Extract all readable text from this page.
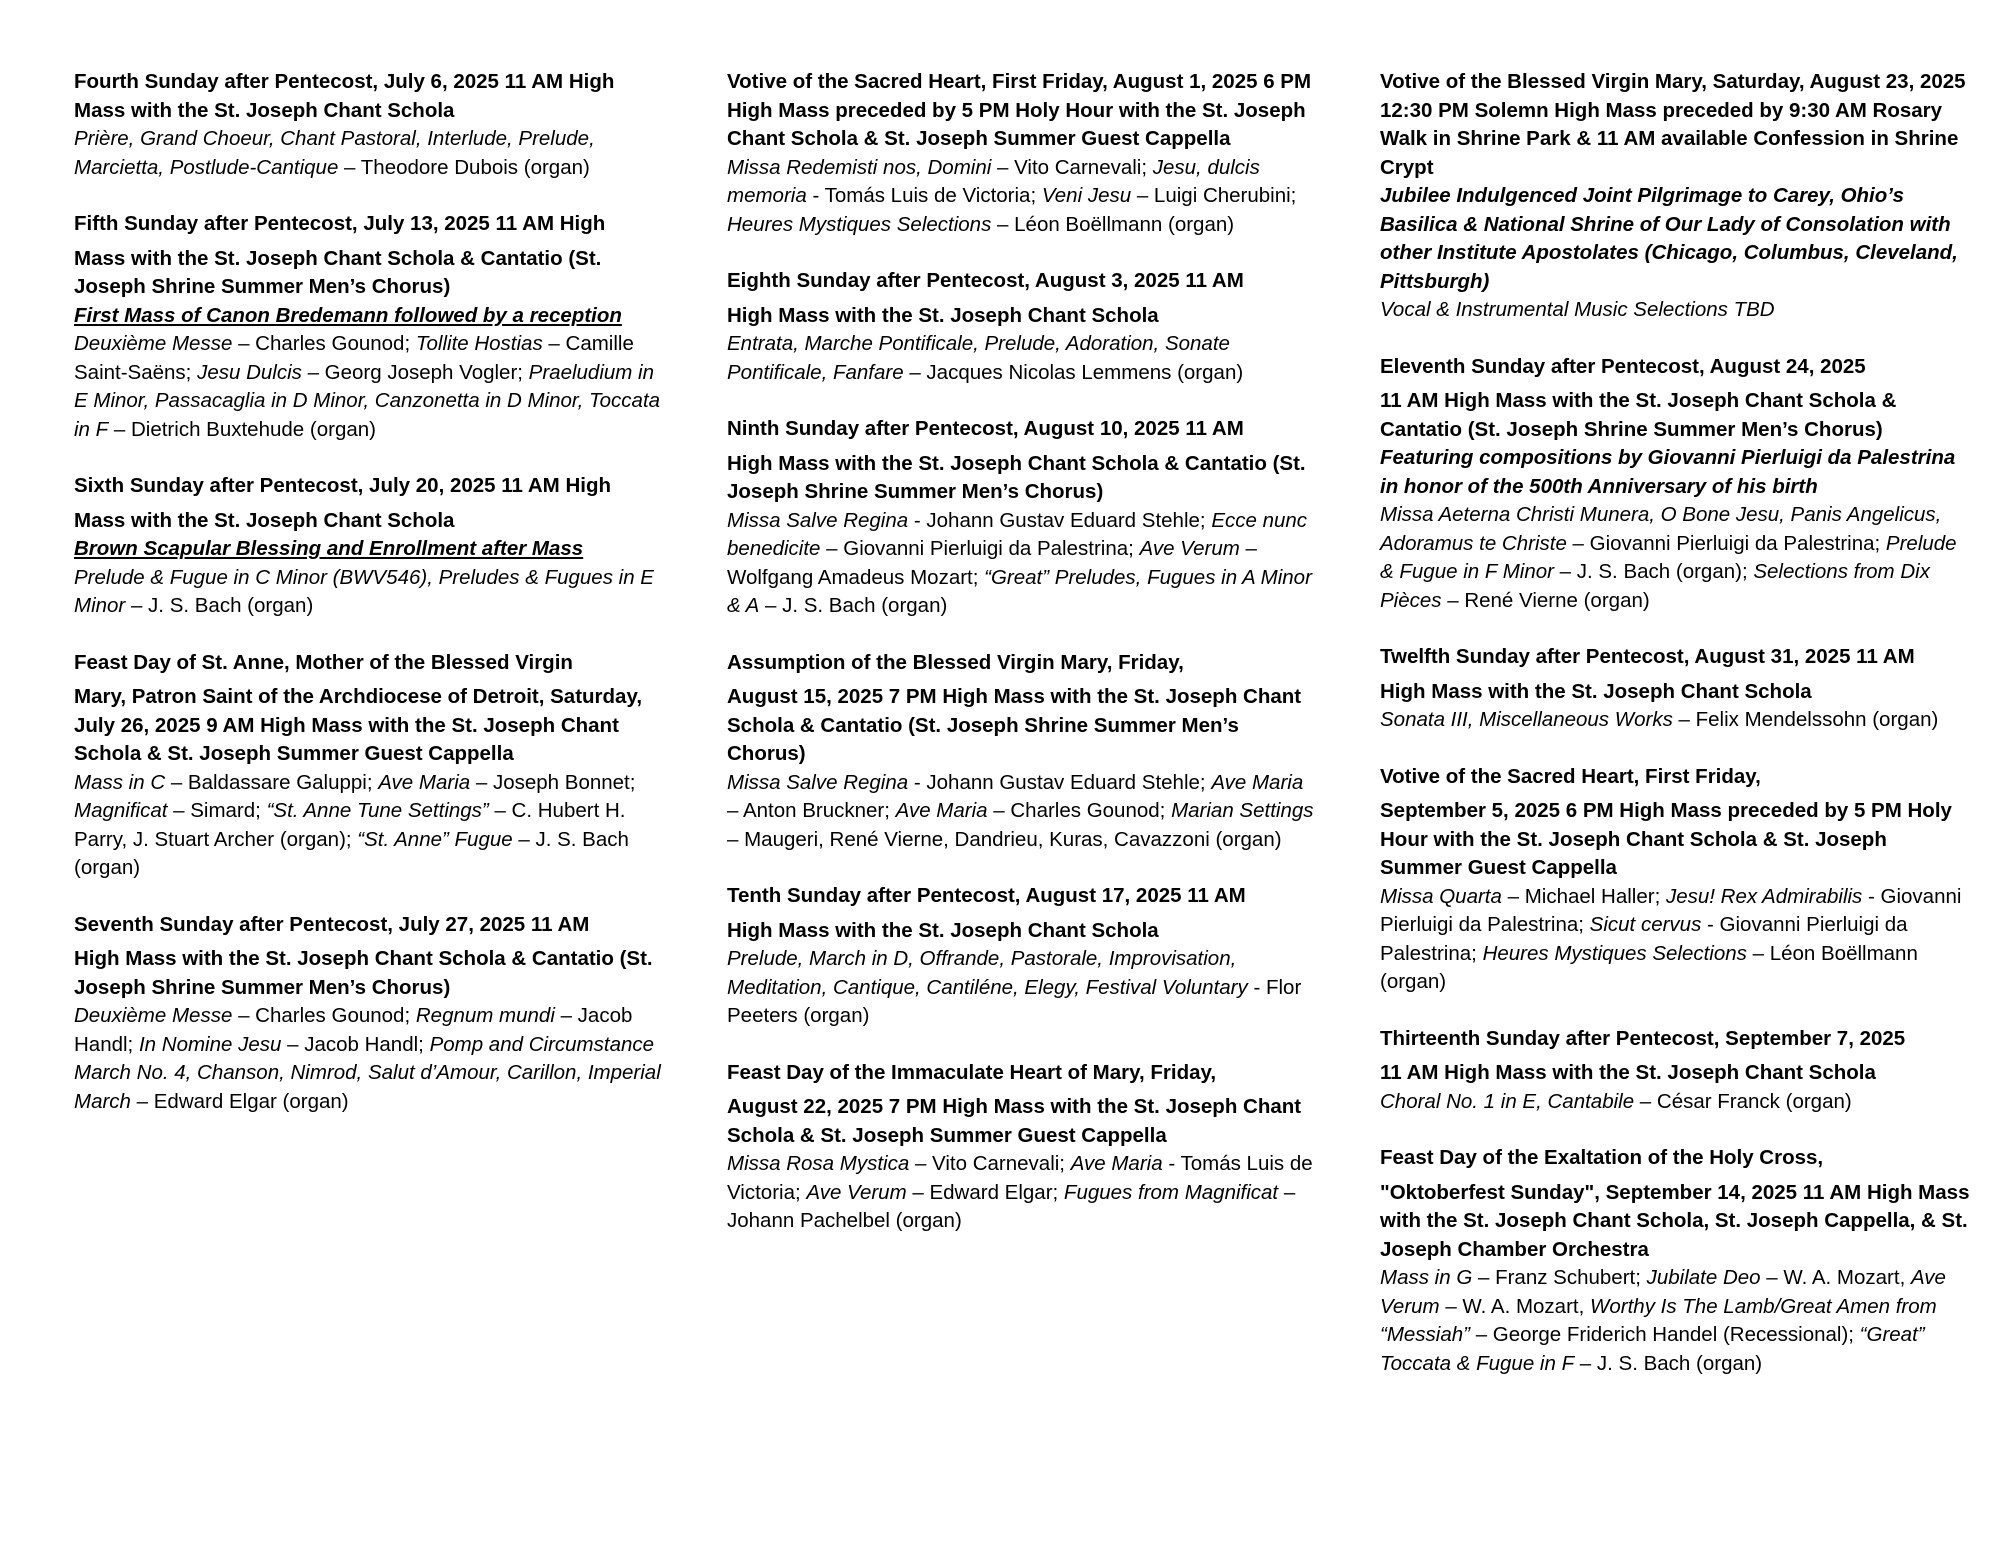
Fourth Sunday after Pentecost, July 6, 2025 11 AM High Mass with the St. Joseph Chant Schola
Prière, Grand Choeur, Chant Pastoral, Interlude, Prelude, Marcietta, Postlude-Cantique – Theodore Dubois (organ)
Fifth Sunday after Pentecost, July 13, 2025 11 AM High
Mass with the St. Joseph Chant Schola & Cantatio (St. Joseph Shrine Summer Men’s Chorus)
First Mass of Canon Bredemann followed by a reception
Deuxième Messe – Charles Gounod; Tollite Hostias – Camille Saint-Saëns; Jesu Dulcis – Georg Joseph Vogler; Praeludium in E Minor, Passacaglia in D Minor, Canzonetta in D Minor, Toccata in F – Dietrich Buxtehude (organ)
Sixth Sunday after Pentecost, July 20, 2025 11 AM High
Mass with the St. Joseph Chant Schola
Brown Scapular Blessing and Enrollment after Mass
Prelude & Fugue in C Minor (BWV546), Preludes & Fugues in E Minor – J. S. Bach (organ)
Feast Day of St. Anne, Mother of the Blessed Virgin
Mary, Patron Saint of the Archdiocese of Detroit, Saturday, July 26, 2025 9 AM High Mass with the St. Joseph Chant Schola & St. Joseph Summer Guest Cappella
Mass in C – Baldassare Galuppi; Ave Maria – Joseph Bonnet; Magnificat – Simard; “St. Anne Tune Settings” – C. Hubert H. Parry, J. Stuart Archer (organ); “St. Anne” Fugue – J. S. Bach (organ)
Seventh Sunday after Pentecost, July 27, 2025 11 AM
High Mass with the St. Joseph Chant Schola & Cantatio (St. Joseph Shrine Summer Men’s Chorus)
Deuxième Messe – Charles Gounod; Regnum mundi – Jacob Handl; In Nomine Jesu – Jacob Handl; Pomp and Circumstance March No. 4, Chanson, Nimrod, Salut d’Amour, Carillon, Imperial March – Edward Elgar (organ)
Votive of the Sacred Heart, First Friday, August 1, 2025 6 PM High Mass preceded by 5 PM Holy Hour with the St. Joseph Chant Schola & St. Joseph Summer Guest Cappella
Missa Redemisti nos, Domini – Vito Carnevali; Jesu, dulcis memoria - Tomás Luis de Victoria; Veni Jesu – Luigi Cherubini; Heures Mystiques Selections – Léon Boëllmann (organ)
Eighth Sunday after Pentecost, August 3, 2025 11 AM
High Mass with the St. Joseph Chant Schola
Entrata, Marche Pontificale, Prelude, Adoration, Sonate Pontificale, Fanfare – Jacques Nicolas Lemmens (organ)
Ninth Sunday after Pentecost, August 10, 2025 11 AM
High Mass with the St. Joseph Chant Schola & Cantatio (St. Joseph Shrine Summer Men’s Chorus)
Missa Salve Regina - Johann Gustav Eduard Stehle; Ecce nunc benedicite – Giovanni Pierluigi da Palestrina; Ave Verum – Wolfgang Amadeus Mozart; “Great” Preludes, Fugues in A Minor & A – J. S. Bach (organ)
Assumption of the Blessed Virgin Mary, Friday,
August 15, 2025 7 PM High Mass with the St. Joseph Chant Schola & Cantatio (St. Joseph Shrine Summer Men’s Chorus)
Missa Salve Regina - Johann Gustav Eduard Stehle; Ave Maria – Anton Bruckner; Ave Maria – Charles Gounod; Marian Settings – Maugeri, René Vierne, Dandrieu, Kuras, Cavazzoni (organ)
Tenth Sunday after Pentecost, August 17, 2025 11 AM
High Mass with the St. Joseph Chant Schola
Prelude, March in D, Offrande, Pastorale, Improvisation, Meditation, Cantique, Cantiléne, Elegy, Festival Voluntary - Flor Peeters (organ)
Feast Day of the Immaculate Heart of Mary, Friday,
August 22, 2025 7 PM High Mass with the St. Joseph Chant Schola & St. Joseph Summer Guest Cappella
Missa Rosa Mystica – Vito Carnevali; Ave Maria - Tomás Luis de Victoria; Ave Verum – Edward Elgar; Fugues from Magnificat – Johann Pachelbel (organ)
Votive of the Blessed Virgin Mary, Saturday, August 23, 2025 12:30 PM Solemn High Mass preceded by 9:30 AM Rosary Walk in Shrine Park & 11 AM available Confession in Shrine Crypt
Jubilee Indulgenced Joint Pilgrimage to Carey, Ohio’s Basilica & National Shrine of Our Lady of Consolation with other Institute Apostolates (Chicago, Columbus, Cleveland, Pittsburgh)
Vocal & Instrumental Music Selections TBD
Eleventh Sunday after Pentecost, August 24, 2025
11 AM High Mass with the St. Joseph Chant Schola & Cantatio (St. Joseph Shrine Summer Men’s Chorus)
Featuring compositions by Giovanni Pierluigi da Palestrina in honor of the 500th Anniversary of his birth
Missa Aeterna Christi Munera, O Bone Jesu, Panis Angelicus, Adoramus te Christe – Giovanni Pierluigi da Palestrina; Prelude & Fugue in F Minor – J. S. Bach (organ); Selections from Dix Pièces – René Vierne (organ)
Twelfth Sunday after Pentecost, August 31, 2025 11 AM
High Mass with the St. Joseph Chant Schola
Sonata III, Miscellaneous Works – Felix Mendelssohn (organ)
Votive of the Sacred Heart, First Friday,
September 5, 2025 6 PM High Mass preceded by 5 PM Holy Hour with the St. Joseph Chant Schola & St. Joseph Summer Guest Cappella
Missa Quarta – Michael Haller; Jesu! Rex Admirabilis - Giovanni Pierluigi da Palestrina; Sicut cervus - Giovanni Pierluigi da Palestrina; Heures Mystiques Selections – Léon Boëllmann (organ)
Thirteenth Sunday after Pentecost, September 7, 2025
11 AM High Mass with the St. Joseph Chant Schola
Choral No. 1 in E, Cantabile – César Franck (organ)
Feast Day of the Exaltation of the Holy Cross,
"Oktoberfest Sunday", September 14, 2025 11 AM High Mass with the St. Joseph Chant Schola, St. Joseph Cappella, & St. Joseph Chamber Orchestra
Mass in G – Franz Schubert; Jubilate Deo – W. A. Mozart, Ave Verum – W. A. Mozart, Worthy Is The Lamb/Great Amen from “Messiah” – George Friderich Handel (Recessional); “Great” Toccata & Fugue in F – J. S. Bach (organ)
